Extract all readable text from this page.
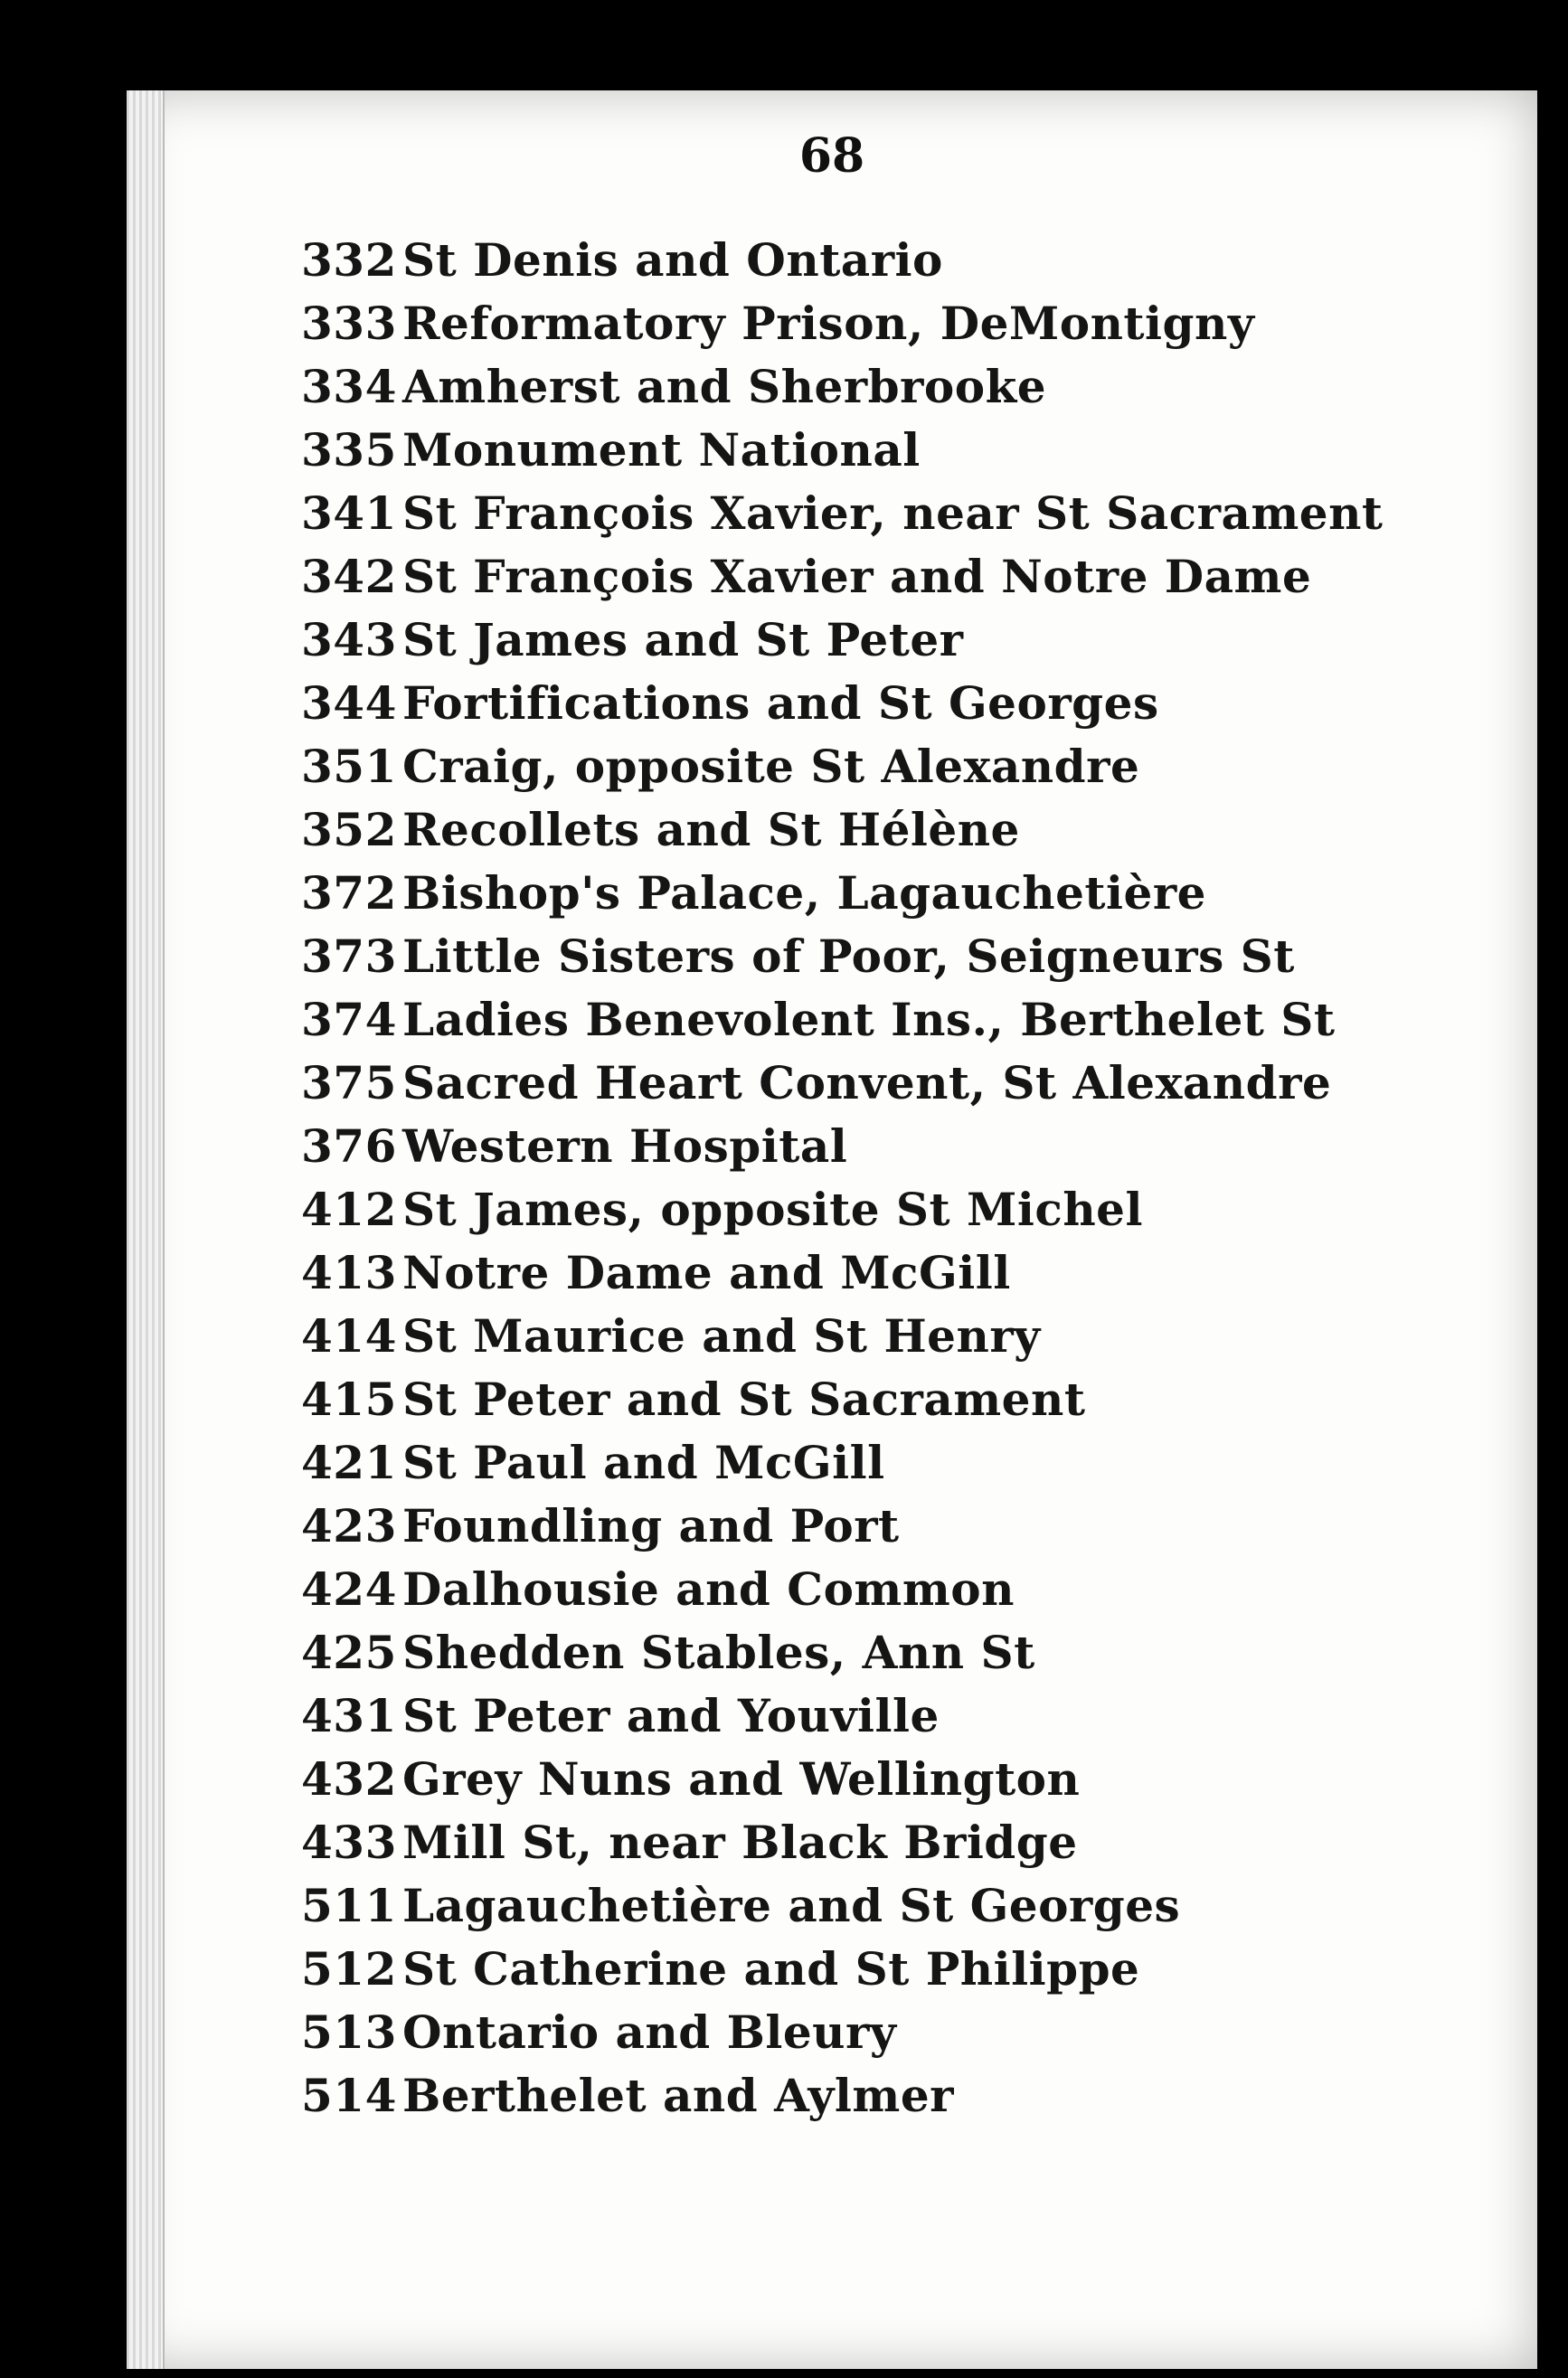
68
332 St Denis and Ontario
333 Reformatory Prison, DeMontigny
334 Amherst and Sherbrooke
335 Monument National
341 St François Xavier, near St Sacrament
342 St François Xavier and Notre Dame
343 St James and St Peter
344 Fortifications and St Georges
351 Craig, opposite St Alexandre
352 Recollets and St Hélène
372 Bishop's Palace, Lagauchetière
373 Little Sisters of Poor, Seigneurs St
374 Ladies Benevolent Ins., Berthelet St
375 Sacred Heart Convent, St Alexandre
376 Western Hospital
412 St James, opposite St Michel
413 Notre Dame and McGill
414 St Maurice and St Henry
415 St Peter and St Sacrament
421 St Paul and McGill
423 Foundling and Port
424 Dalhousie and Common
425 Shedden Stables, Ann St
431 St Peter and Youville
432 Grey Nuns and Wellington
433 Mill St, near Black Bridge
511 Lagauchetière and St Georges
512 St Catherine and St Philippe
513 Ontario and Bleury
514 Berthelet and Aylmer
